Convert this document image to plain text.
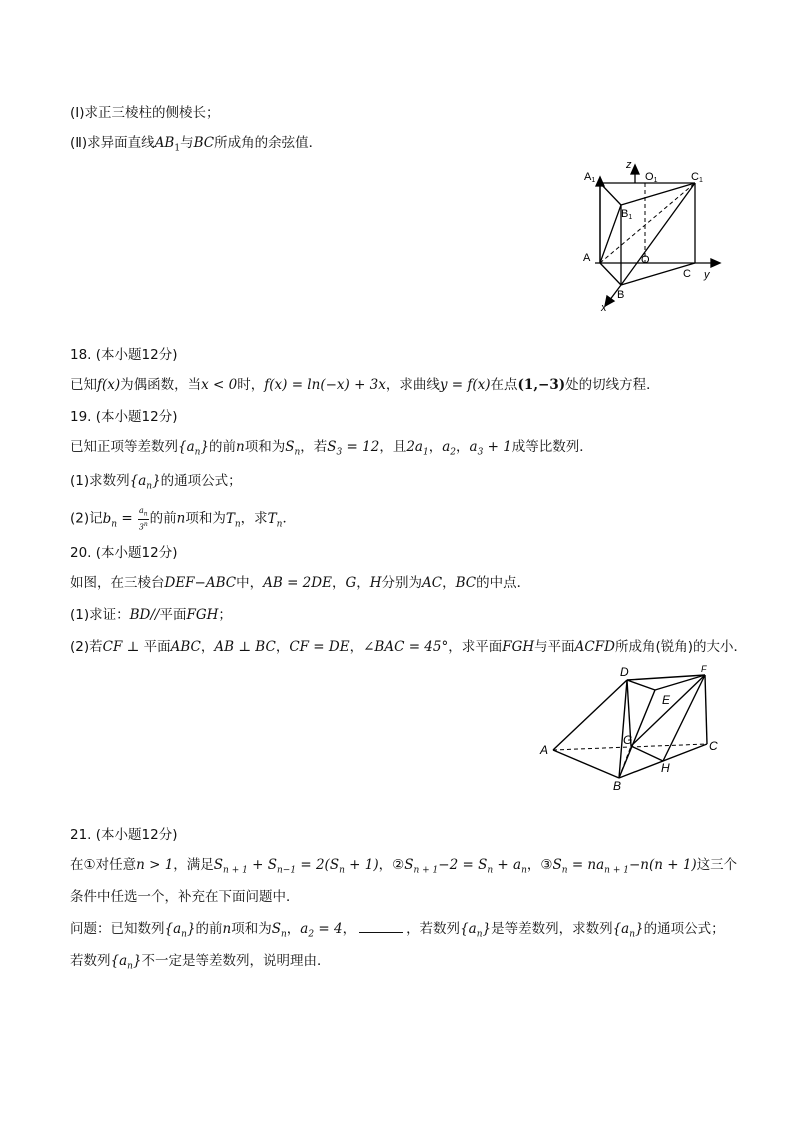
(Ⅰ)求正三棱柱的侧棱长；
(Ⅱ)求异面直线$AB_1$与BC所成角的余弦值．
A1
z
O1	C1
B1
A	O
C y
B
x
18. (本小题12分)
已知f(x)为偶函数，当x < 0时，f(x) = ln(−x) + 3x，求曲线y = f(x)在点(1,−3)处的切线方程．
19. (本小题12分)
已知正项等差数列$\{a_n\}$的前n项和为$S_n$，若$S_3 = 12$，且$2a_1$，$a_2$，$a_3 + 1$成等比数列．
(1)求数列$\{a_n\}$的通项公式；
(2)记$b_n = \frac{a_n}{3^n}$ 的前n项和为$T_n$，求$T_n$．
20. (本小题12分)
如图，在三棱台DEF−ABC中，AB = 2DE，G，H分别为AC，BC的中点．
(1)求证：BD//平面FGH；
(2)若CF ⊥ 平面ABC，AB ⊥ BC，CF = DE，∠BAC = 45°，求平面FGH与平面ACFD所成角(锐角)的大小．
D	F
E
G
A	C
H
B
21. (本小题12分)
在①对任意n > 1，满足$S_{n + 1} + S_{n-1} = 2(S_n + 1)$，$②S_{n + 1}-2 = S_n + a_n$，$③S_n = na_{n + 1}-n(n + 1)$这三个
条件中任选一个，补充在下面问题中．
问题：已知数列$\{a_n\}$的前n项和为$S_n$，$a_2 = 4$，	，若数列$\{a_n\}$是等差数列，求数列$\{a_n\}$的通项公式；
若数列$\{a_n\}$不一定是等差数列，说明理由．
